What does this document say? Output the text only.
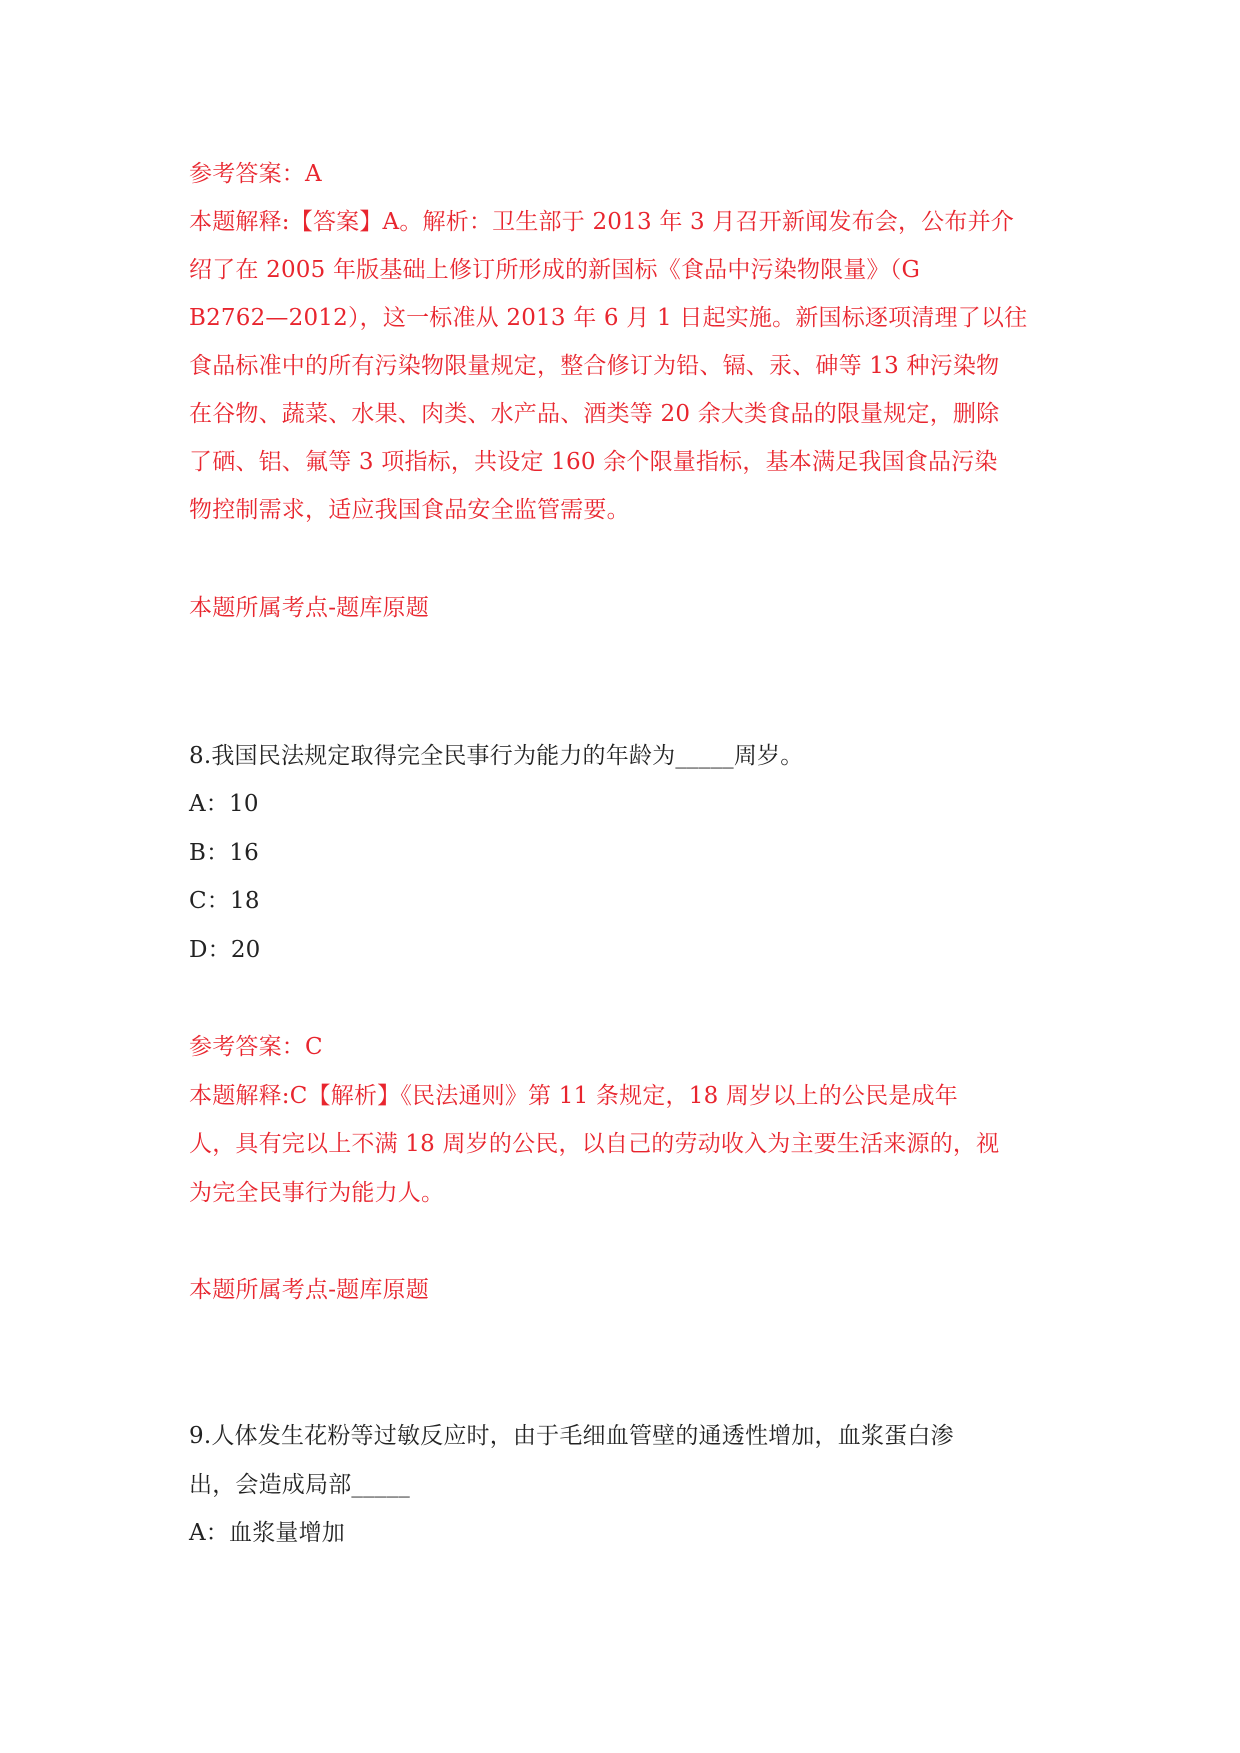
参考答案：A
本题解释:【答案】A。解析：卫生部于 2013 年 3 月召开新闻发布会，公布并介
绍了在 2005 年版基础上修订所形成的新国标《食品中污染物限量》（G
B2762—2012），这一标准从 2013 年 6 月 1 日起实施。新国标逐项清理了以往
食品标准中的所有污染物限量规定，整合修订为铅、镉、汞、砷等 13 种污染物
在谷物、蔬菜、水果、肉类、水产品、酒类等 20 余大类食品的限量规定，删除
了硒、铝、氟等 3 项指标，共设定 160 余个限量指标，基本满足我国食品污染
物控制需求，适应我国食品安全监管需要。
本题所属考点-题库原题
8.我国民法规定取得完全民事行为能力的年龄为_____周岁。
A：10
B：16
C：18
D：20
参考答案：C
本题解释:C【解析】《民法通则》第 11 条规定，18 周岁以上的公民是成年
人，具有完以上不满 18 周岁的公民，以自己的劳动收入为主要生活来源的，视
为完全民事行为能力人。
本题所属考点-题库原题
9.人体发生花粉等过敏反应时，由于毛细血管壁的通透性增加，血浆蛋白渗
出，会造成局部_____
A：血浆量增加
